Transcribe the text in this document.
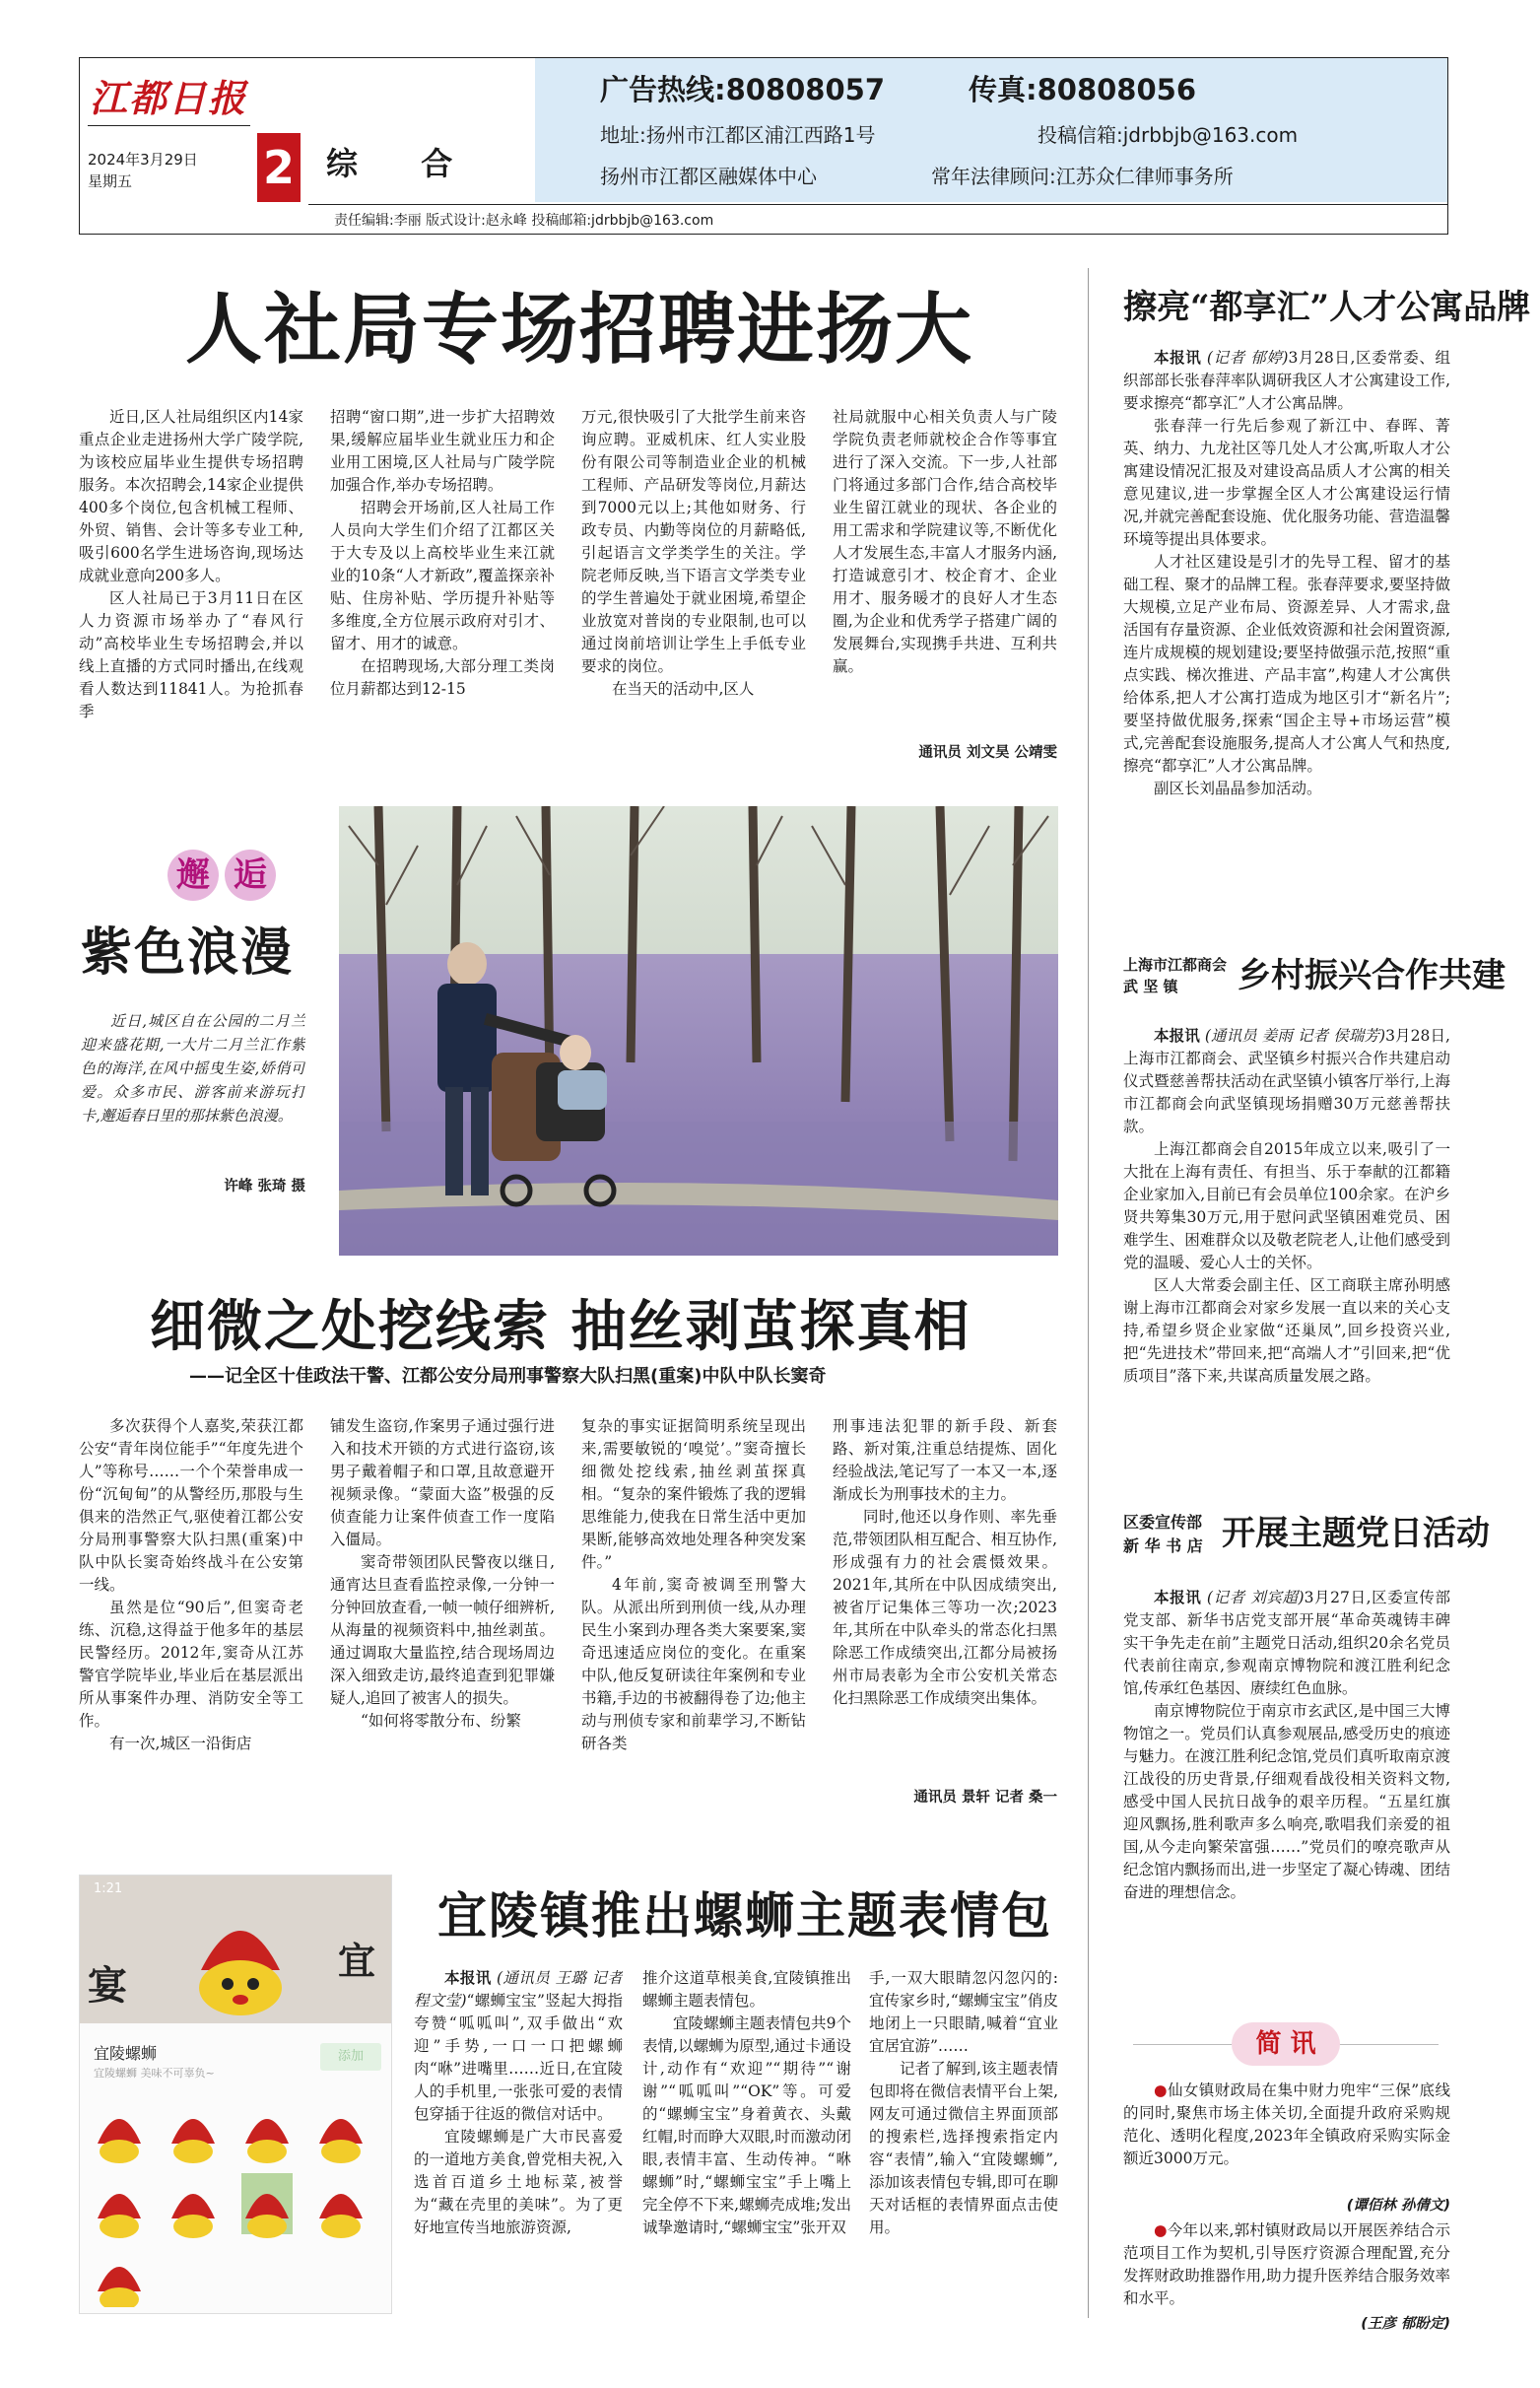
江都日报
2024年3月29日
星期五	2 综  合
责任编辑:李丽 版式设计:赵永峰 投稿邮箱:jdrbbjb@163.com
广告热线:80808057	传真:80808056
地址:扬州市江都区浦江西路1号	投稿信箱:jdrbbjb@163.com
扬州市江都区融媒体中心	常年法律顾问:江苏众仁律师事务所
人社局专场招聘进扬大

近日,区人社局组织区内14家重点企业走进扬州大学广陵学院,为该校应届毕业生提供专场招聘服务。本次招聘会,14家企业提供400多个岗位,包含机械工程师、外贸、销售、会计等多专业工种,吸引600名学生进场咨询,现场达成就业意向200多人。

区人社局已于3月11日在区人力资源市场举办了“春风行动”高校毕业生专场招聘会,并以线上直播的方式同时播出,在线观看人数达到11841人。为抢抓春季

招聘“窗口期”,进一步扩大招聘效果,缓解应届毕业生就业压力和企业用工困境,区人社局与广陵学院加强合作,举办专场招聘。

招聘会开场前,区人社局工作人员向大学生们介绍了江都区关于大专及以上高校毕业生来江就业的10条“人才新政”,覆盖探亲补贴、住房补贴、学历提升补贴等多维度,全方位展示政府对引才、留才、用才的诚意。

在招聘现场,大部分理工类岗位月薪都达到12-15

万元,很快吸引了大批学生前来咨询应聘。亚威机床、红人实业股份有限公司等制造业企业的机械工程师、产品研发等岗位,月薪达到7000元以上;其他如财务、行政专员、内勤等岗位的月薪略低,引起语言文学类学生的关注。学院老师反映,当下语言文学类专业的学生普遍处于就业困境,希望企业放宽对普岗的专业限制,也可以通过岗前培训让学生上手低专业要求的岗位。

在当天的活动中,区人

社局就服中心相关负责人与广陵学院负责老师就校企合作等事宜进行了深入交流。下一步,人社部门将通过多部门合作,结合高校毕业生留江就业的现状、各企业的用工需求和学院建议等,不断优化人才发展生态,丰富人才服务内涵,打造诚意引才、校企育才、企业用才、服务暖才的良好人才生态圈,为企业和优秀学子搭建广阔的发展舞台,实现携手共进、互利共赢。

通讯员 刘文昊 公靖雯
邂 逅
紫色浪漫
近日,城区自在公园的二月兰迎来盛花期,一大片二月兰汇作紫色的海洋,在风中摇曳生姿,娇俏可爱。众多市民、游客前来游玩打卡,邂逅春日里的那抹紫色浪漫。
许峰 张琦 摄
细微之处挖线索 抽丝剥茧探真相
——记全区十佳政法干警、江都公安分局刑事警察大队扫黑(重案)中队中队长窦奇

多次获得个人嘉奖,荣获江都公安“青年岗位能手”“年度先进个人”等称号……一个个荣誉串成一份“沉甸甸”的从警经历,那股与生俱来的浩然正气,驱使着江都公安分局刑事警察大队扫黑(重案)中队中队长窦奇始终战斗在公安第一线。

虽然是位“90后”,但窦奇老练、沉稳,这得益于他多年的基层民警经历。2012年,窦奇从江苏警官学院毕业,毕业后在基层派出所从事案件办理、消防安全等工作。

有一次,城区一沿街店

铺发生盗窃,作案男子通过强行进入和技术开锁的方式进行盗窃,该男子戴着帽子和口罩,且故意避开视频录像。“蒙面大盗”极强的反侦查能力让案件侦查工作一度陷入僵局。

窦奇带领团队民警夜以继日,通宵达旦查看监控录像,一分钟一分钟回放查看,一帧一帧仔细辨析,从海量的视频资料中,抽丝剥茧。通过调取大量监控,结合现场周边深入细致走访,最终追查到犯罪嫌疑人,追回了被害人的损失。

“如何将零散分布、纷繁

复杂的事实证据简明系统呈现出来,需要敏锐的‘嗅觉’。”窦奇擅长细微处挖线索,抽丝剥茧探真相。“复杂的案件锻炼了我的逻辑思维能力,使我在日常生活中更加果断,能够高效地处理各种突发案件。”

4年前,窦奇被调至刑警大队。从派出所到刑侦一线,从办理民生小案到办理各类大案要案,窦奇迅速适应岗位的变化。在重案中队,他反复研读往年案例和专业书籍,手边的书被翻得卷了边;他主动与刑侦专家和前辈学习,不断钻研各类

刑事违法犯罪的新手段、新套路、新对策,注重总结提炼、固化经验战法,笔记写了一本又一本,逐渐成长为刑事技术的主力。

同时,他还以身作则、率先垂范,带领团队相互配合、相互协作,形成强有力的社会震慑效果。2021年,其所在中队因成绩突出,被省厅记集体三等功一次;2023年,其所在中队牵头的常态化扫黑除恶工作成绩突出,江都分局被扬州市局表彰为全市公安机关常态化扫黑除恶工作成绩突出集体。

通讯员 景轩 记者 桑一
1:21
宴
宜
宜陵螺蛳
宜陵螺蛳 美味不可辜负~
添加
宜陵镇推出螺蛳主题表情包

本报讯 (通讯员 王璐 记者 程文莹)“螺蛳宝宝”竖起大拇指夸赞“呱呱叫”,双手做出“欢迎”手势,一口一口把螺蛳肉“咻”进嘴里……近日,在宜陵人的手机里,一张张可爱的表情包穿插于往返的微信对话中。

宜陵螺蛳是广大市民喜爱的一道地方美食,曾党相夫祝,入选首百道乡土地标菜,被誉为“藏在壳里的美味”。为了更好地宣传当地旅游资源,

推介这道草根美食,宜陵镇推出螺蛳主题表情包。

宜陵螺蛳主题表情包共9个表情,以螺蛳为原型,通过卡通设计,动作有“欢迎”“期待”“谢谢”“呱呱叫”“OK”等。可爱的“螺蛳宝宝”身着黄衣、头戴红帽,时而睁大双眼,时而激动闭眼,表情丰富、生动传神。“咻螺蛳”时,“螺蛳宝宝”手上嘴上完全停不下来,螺蛳壳成堆;发出诚挚邀请时,“螺蛳宝宝”张开双

手,一双大眼睛忽闪忽闪的:宜传家乡时,“螺蛳宝宝”俏皮地闭上一只眼睛,喊着“宜业宜居宜游”……

记者了解到,该主题表情包即将在微信表情平台上架,网友可通过微信主界面顶部的搜索栏,选择搜索指定内容“表情”,输入“宜陵螺蛳”,添加该表情包专辑,即可在聊天对话框的表情界面点击使用。

擦亮“都享汇”人才公寓品牌

本报讯 (记者 郁婷)3月28日,区委常委、组织部部长张春萍率队调研我区人才公寓建设工作,要求擦亮“都享汇”人才公寓品牌。

张春萍一行先后参观了新江中、春晖、菁英、纳力、九龙社区等几处人才公寓,听取人才公寓建设情况汇报及对建设高品质人才公寓的相关意见建议,进一步掌握全区人才公寓建设运行情况,并就完善配套设施、优化服务功能、营造温馨环境等提出具体要求。

人才社区建设是引才的先导工程、留才的基础工程、聚才的品牌工程。张春萍要求,要坚持做大规模,立足产业布局、资源差异、人才需求,盘活国有存量资源、企业低效资源和社会闲置资源,连片成规模的规划建设;要坚持做强示范,按照“重点实践、梯次推进、产品丰富”,构建人才公寓供给体系,把人才公寓打造成为地区引才“新名片”;要坚持做优服务,探索“国企主导+市场运营”模式,完善配套设施服务,提高人才公寓人气和热度,擦亮“都享汇”人才公寓品牌。

副区长刘晶晶参加活动。

上海市江都商会
武 坚 镇 乡村振兴合作共建

本报讯 (通讯员 姜雨 记者 侯瑞芳)3月28日,上海市江都商会、武坚镇乡村振兴合作共建启动仪式暨慈善帮扶活动在武坚镇小镇客厅举行,上海市江都商会向武坚镇现场捐赠30万元慈善帮扶款。

上海江都商会自2015年成立以来,吸引了一大批在上海有责任、有担当、乐于奉献的江都籍企业家加入,目前已有会员单位100余家。在沪乡贤共筹集30万元,用于慰问武坚镇困难党员、困难学生、困难群众以及敬老院老人,让他们感受到党的温暖、爱心人士的关怀。

区人大常委会副主任、区工商联主席孙明感谢上海市江都商会对家乡发展一直以来的关心支持,希望乡贤企业家做“还巢凤”,回乡投资兴业,把“先进技术”带回来,把“高端人才”引回来,把“优质项目”落下来,共谋高质量发展之路。

区委宣传部
新 华 书 店 开展主题党日活动

本报讯 (记者 刘宾超)3月27日,区委宣传部党支部、新华书店党支部开展“革命英魂铸丰碑 实干争先走在前”主题党日活动,组织20余名党员代表前往南京,参观南京博物院和渡江胜利纪念馆,传承红色基因、赓续红色血脉。

南京博物院位于南京市玄武区,是中国三大博物馆之一。党员们认真参观展品,感受历史的痕迹与魅力。在渡江胜利纪念馆,党员们真听取南京渡江战役的历史背景,仔细观看战役相关资料文物,感受中国人民抗日战争的艰辛历程。“五星红旗迎风飘扬,胜利歌声多么响亮,歌唱我们亲爱的祖国,从今走向繁荣富强……”党员们的嘹亮歌声从纪念馆内飘扬而出,进一步坚定了凝心铸魂、团结奋进的理想信念。

简 讯

●仙女镇财政局在集中财力兜牢“三保”底线的同时,聚焦市场主体关切,全面提升政府采购规范化、透明化程度,2023年全镇政府采购实际金额近3000万元。

(谭佰林 孙倩文)

●今年以来,郭村镇财政局以开展医养结合示范项目工作为契机,引导医疗资源合理配置,充分发挥财政助推器作用,助力提升医养结合服务效率和水平。

(王彦 郁盼定)
